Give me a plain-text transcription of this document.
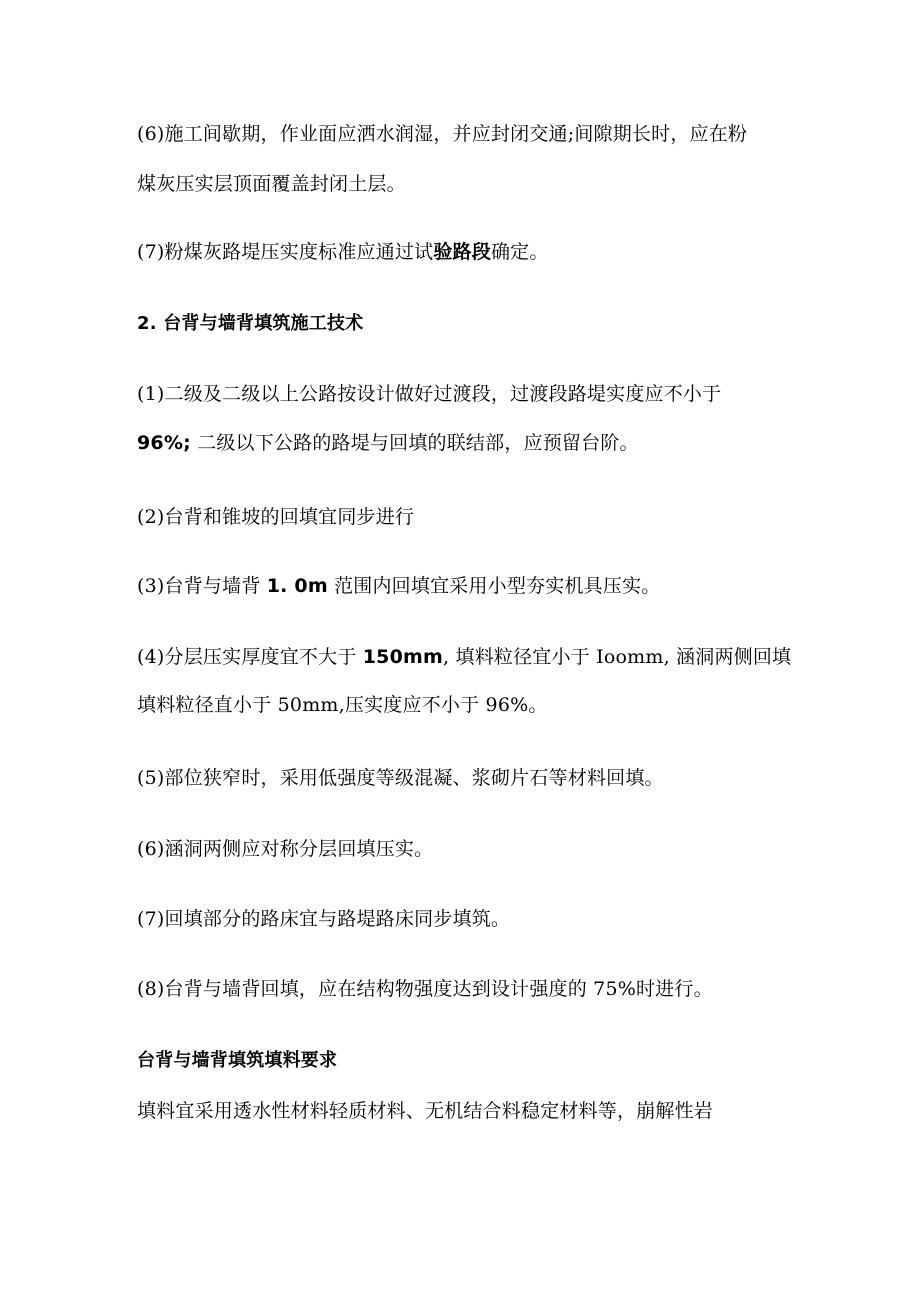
(6)施工间歇期，作业面应洒水润湿，并应封闭交通;间隙期长时，应在粉
煤灰压实层顶面覆盖封闭土层。
(7)粉煤灰路堤压实度标准应通过试验路段确定。
2. 台背与墙背填筑施工技术
(1)二级及二级以上公路按设计做好过渡段，过渡段路堤实度应不小于
96%; 二级以下公路的路堤与回填的联结部，应预留台阶。
(2)台背和锥坡的回填宜同步进行
(3)台背与墙背 1. 0m 范围内回填宜采用小型夯实机具压实。
(4)分层压实厚度宜不大于 150mm, 填料粒径宜小于 Ioomm, 涵洞两侧回填
填料粒径直小于 50mm,压实度应不小于 96%。
(5)部位狭窄时，采用低强度等级混凝、浆砌片石等材料回填。
(6)涵洞两侧应对称分层回填压实。
(7)回填部分的路床宜与路堤路床同步填筑。
(8)台背与墙背回填，应在结构物强度达到设计强度的 75%时进行。
台背与墙背填筑填料要求
填料宜采用透水性材料轻质材料、无机结合料稳定材料等，崩解性岩
